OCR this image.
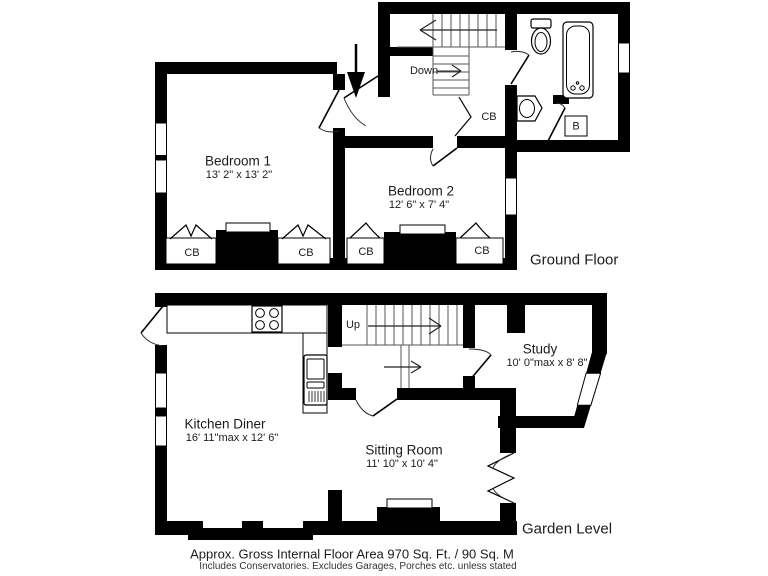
Down
CB
B
CB	CB	CB	CB
Bedroom 1
13' 2" x 13' 2"
Bedroom 2
12' 6" x 7' 4"
Ground Floor
Up
Kitchen Diner
16' 11"max x 12' 6"
Sitting Room
11' 10" x 10' 4"
Study
10' 0"max x 8' 8"
Garden Level
Approx. Gross Internal Floor Area 970 Sq. Ft. / 90 Sq. M
Includes Conservatories. Excludes Garages, Porches etc. unless stated
